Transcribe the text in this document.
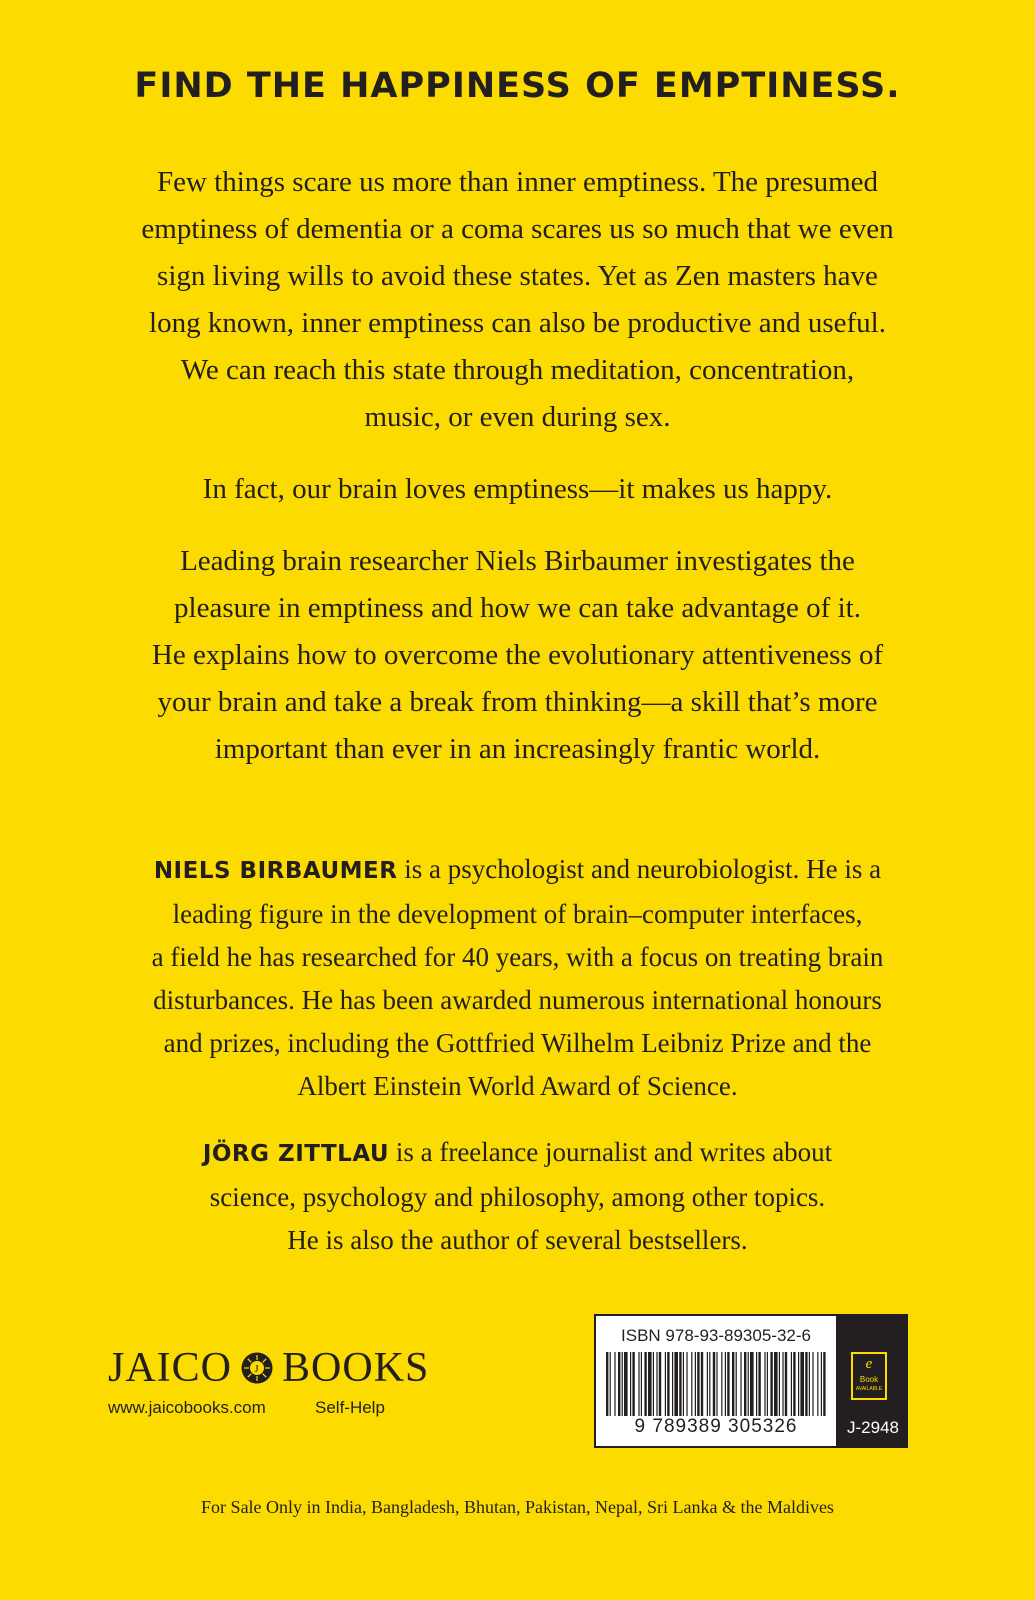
FIND THE HAPPINESS OF EMPTINESS.

Few things scare us more than inner emptiness. The presumed
emptiness of dementia or a coma scares us so much that we even
sign living wills to avoid these states. Yet as Zen masters have
long known, inner emptiness can also be productive and useful.
We can reach this state through meditation, concentration,
music, or even during sex.

In fact, our brain loves emptiness—it makes us happy.

Leading brain researcher Niels Birbaumer investigates the
pleasure in emptiness and how we can take advantage of it.
He explains how to overcome the evolutionary attentiveness of
your brain and take a break from thinking—a skill that’s more
important than ever in an increasingly frantic world.

NIELS BIRBAUMER is a psychologist and neurobiologist. He is a
leading figure in the development of brain–computer interfaces,
a field he has researched for 40 years, with a focus on treating brain
disturbances. He has been awarded numerous international honours
and prizes, including the Gottfried Wilhelm Leibniz Prize and the
Albert Einstein World Award of Science.

JÖRG ZITTLAU is a freelance journalist and writes about
science, psychology and philosophy, among other topics.
He is also the author of several bestsellers.

JAICO J BOOKS
www.jaicobooks.com	Self-Help
ISBN 978-93-89305-32-6
9 789389 305326
e
Book
AVAILABLE
J-2948
For Sale Only in India, Bangladesh, Bhutan, Pakistan, Nepal, Sri Lanka & the Maldives
